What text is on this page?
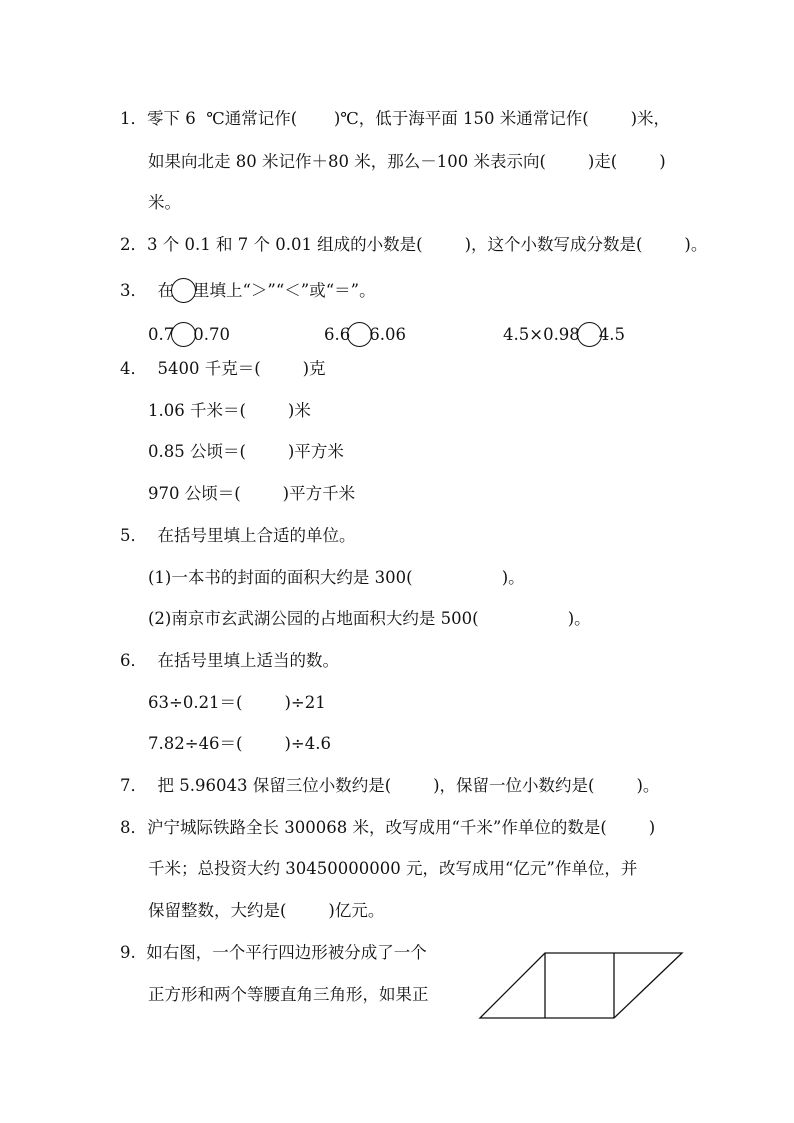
1．零下 6  ℃通常记作(       )℃，低于海平面 150 米通常记作(        )米，
如果向北走 80 米记作＋80 米，那么－100 米表示向(        )走(        )
米。
2．3 个 0.1 和 7 个 0.01 组成的小数是(        )，这个小数写成分数是(        )。
3．  在 里填上“＞”“＜”或“＝”。
0.7 0.70	6.6 6.06	4.5×0.98 4.5
4．  5400 千克＝(        )克
1.06 千米＝(        )米
0.85 公顷＝(        )平方米
970 公顷＝(        )平方千米
5．  在括号里填上合适的单位。
(1)一本书的封面的面积大约是 300(                 )。
(2)南京市玄武湖公园的占地面积大约是 500(                 )。
6．  在括号里填上适当的数。
63÷0.21＝(        )÷21
7.82÷46＝(        )÷4.6
7．  把 5.96043 保留三位小数约是(        )，保留一位小数约是(        )。
8．沪宁城际铁路全长 300068 米，改写成用“千米”作单位的数是(        )
千米；总投资大约 30450000000 元，改写成用“亿元”作单位，并
保留整数，大约是(        )亿元。
9.  如右图，一个平行四边形被分成了一个
正方形和两个等腰直角三角形，如果正
